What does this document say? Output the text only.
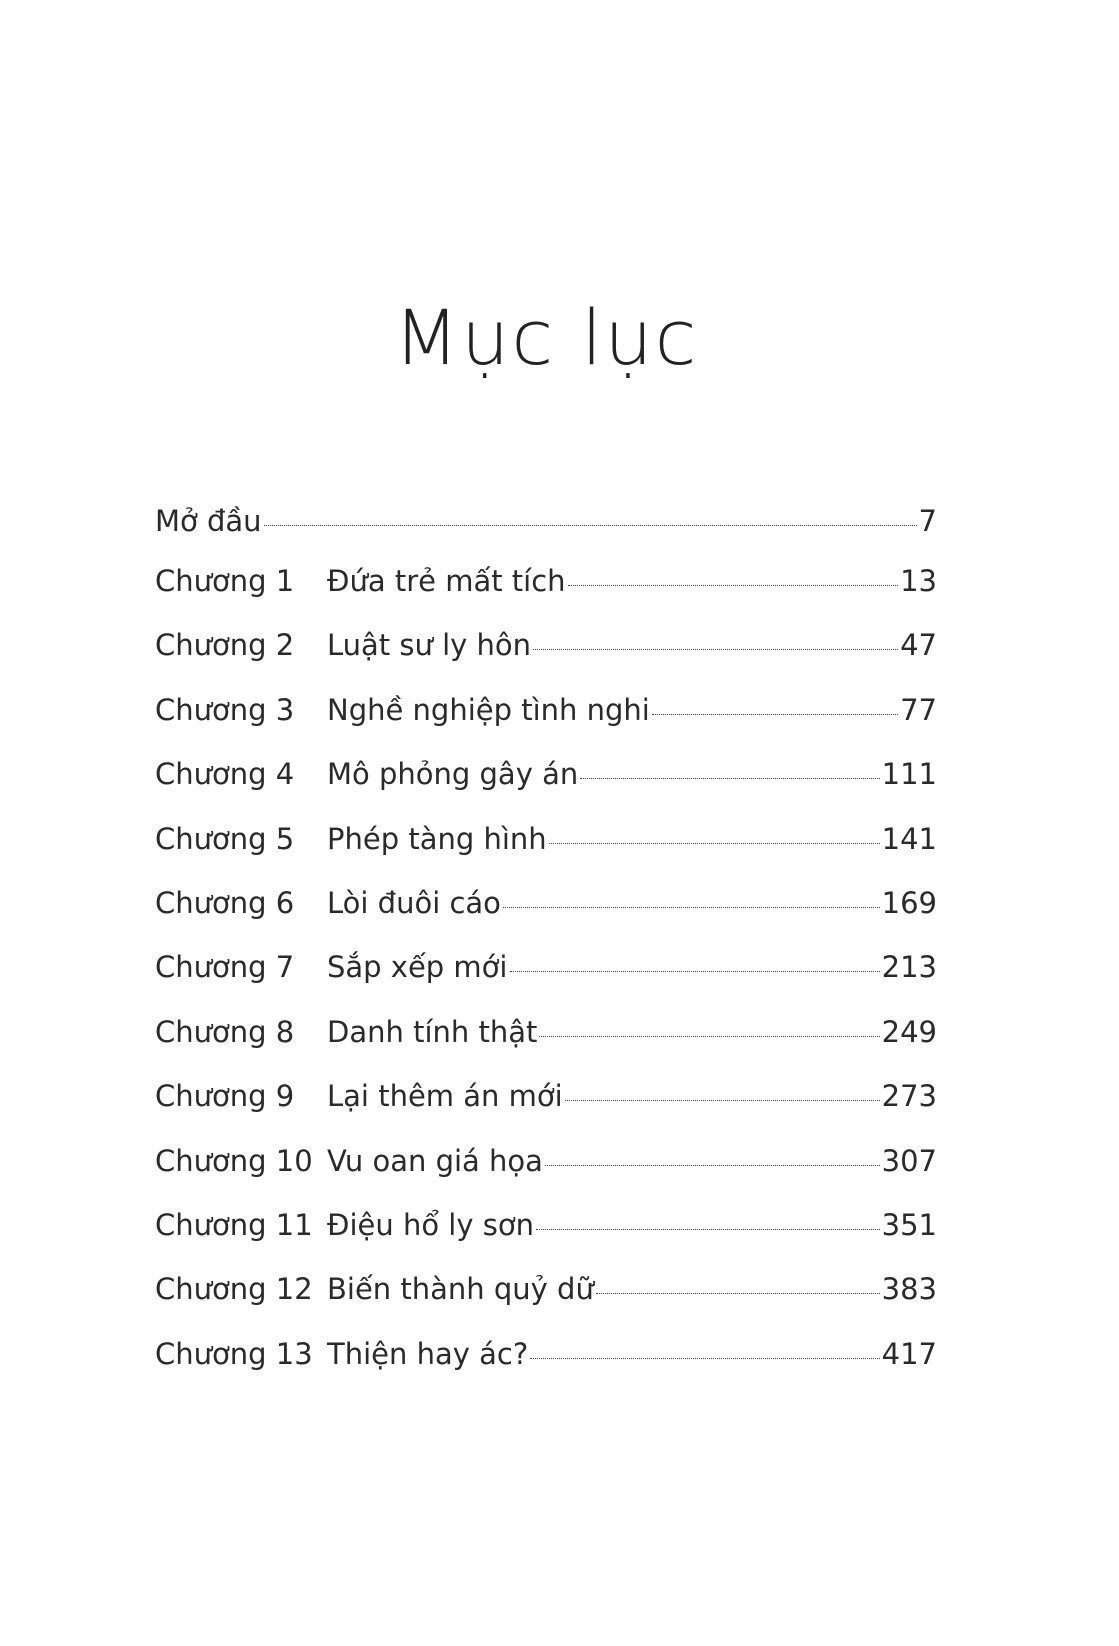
Mục lục
Mở đầu	7
Chương 1	Đứa trẻ mất tích	13
Chương 2	Luật sư ly hôn	47
Chương 3	Nghề nghiệp tình nghi	77
Chương 4	Mô phỏng gây án	111
Chương 5	Phép tàng hình	141
Chương 6	Lòi đuôi cáo	169
Chương 7	Sắp xếp mới	213
Chương 8	Danh tính thật	249
Chương 9	Lại thêm án mới	273
Chương 10 Vu oan giá họa	307
Chương 11 Điệu hổ ly sơn	351
Chương 12 Biến thành quỷ dữ	383
Chương 13 Thiện hay ác?	417
